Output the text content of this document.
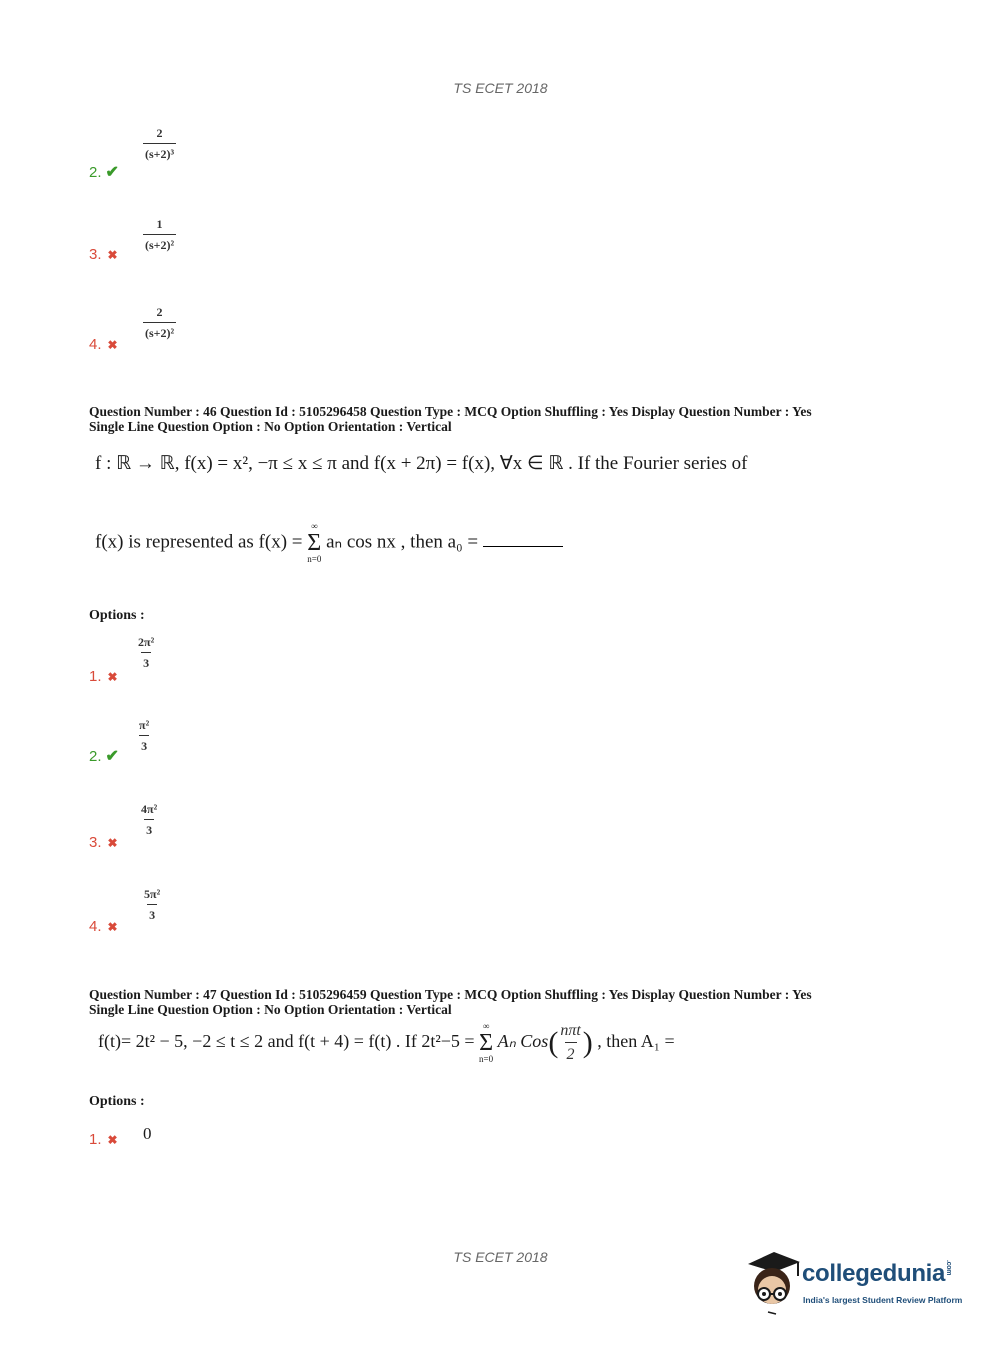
TS ECET 2018
$\frac{2}{\text{(s+2)³}}$
2. ✔
$\frac{1}{\text{(s+2)²}}$
3. ✖
$\frac{2}{\text{(s+2)²}}$
4. ✖
Question Number : 46 Question Id : 5105296458 Question Type : MCQ Option Shuffling : Yes Display Question Number : Yes
Single Line Question Option : No Option Orientation : Vertical
f : ℝ → ℝ, f(x) = x², −π ≤ x ≤ π and f(x + 2π) = f(x), ∀x ∈ ℝ . If the Fourier series of
f(x) is represented as f(x) =
∞
Σ
n=0
aₙ cos nx , then a₀ =
Options :
$\frac{\text{2π²}}{3}$
1. ✖
$\frac{\text{π²}}{3}$
2. ✔
$\frac{\text{4π²}}{3}$
3. ✖
$\frac{\text{5π²}}{3}$
4. ✖
Question Number : 47 Question Id : 5105296459 Question Type : MCQ Option Shuffling : Yes Display Question Number : Yes
Single Line Question Option : No Option Orientation : Vertical
f(t)= 2t² − 5, −2 ≤ t ≤ 2 and f(t + 4) = f(t) . If 2t²−5 =
∞
Σ
n=0
Aₙ $Cos( \frac{\text{nπt}}{2}$ ) , then A₁ =
Options :
1. ✖ 0
TS ECET 2018
collegedunia.com
India's largest Student Review Platform
